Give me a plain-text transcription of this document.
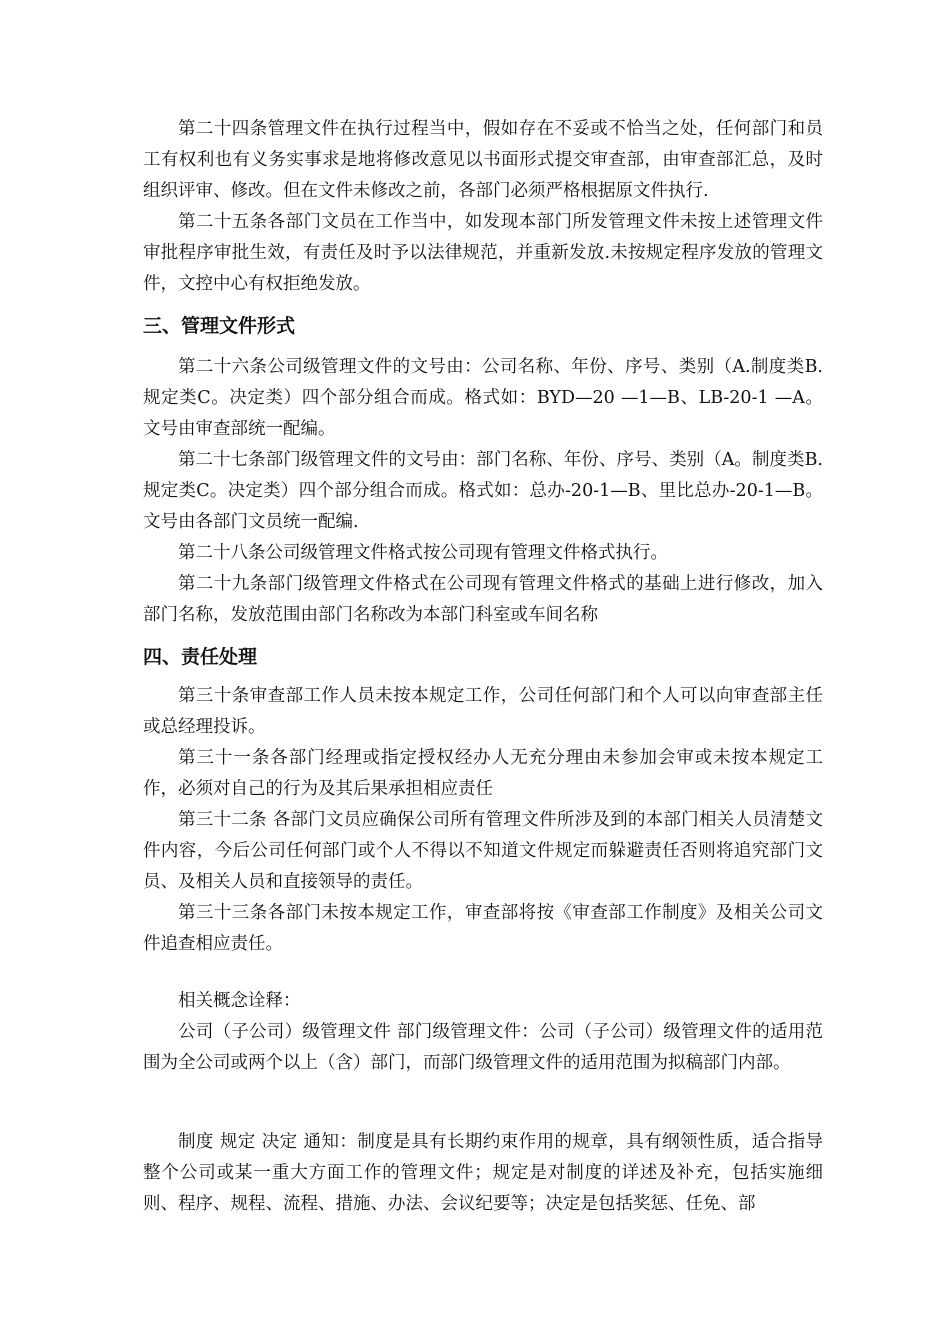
第二十四条管理文件在执行过程当中，假如存在不妥或不恰当之处，任何部门和员工有权利也有义务实事求是地将修改意见以书面形式提交审查部，由审查部汇总，及时组织评审、修改。但在文件未修改之前，各部门必须严格根据原文件执行.

第二十五条各部门文员在工作当中，如发现本部门所发管理文件未按上述管理文件审批程序审批生效，有责任及时予以法律规范，并重新发放.未按规定程序发放的管理文件，文控中心有权拒绝发放。

三、管理文件形式

第二十六条公司级管理文件的文号由：公司名称、年份、序号、类别（A.制度类B.规定类C。决定类）四个部分组合而成。格式如：BYD—20 —1—B、LB-20-1 —A。文号由审查部统一配编。

第二十七条部门级管理文件的文号由：部门名称、年份、序号、类别（A。制度类B.规定类C。决定类）四个部分组合而成。格式如：总办-20-1—B、里比总办-20-1—B。文号由各部门文员统一配编.

第二十八条公司级管理文件格式按公司现有管理文件格式执行。

第二十九条部门级管理文件格式在公司现有管理文件格式的基础上进行修改，加入部门名称，发放范围由部门名称改为本部门科室或车间名称

四、责任处理

第三十条审查部工作人员未按本规定工作，公司任何部门和个人可以向审查部主任或总经理投诉。

第三十一条各部门经理或指定授权经办人无充分理由未参加会审或未按本规定工作，必须对自己的行为及其后果承担相应责任

第三十二条 各部门文员应确保公司所有管理文件所涉及到的本部门相关人员清楚文件内容，今后公司任何部门或个人不得以不知道文件规定而躲避责任否则将追究部门文员、及相关人员和直接领导的责任。

第三十三条各部门未按本规定工作，审查部将按《审查部工作制度》及相关公司文件追查相应责任。

相关概念诠释：

公司（子公司）级管理文件 部门级管理文件：公司（子公司）级管理文件的适用范围为全公司或两个以上（含）部门，而部门级管理文件的适用范围为拟稿部门内部。

制度 规定 决定 通知：制度是具有长期约束作用的规章，具有纲领性质，适合指导整个公司或某一重大方面工作的管理文件；规定是对制度的详述及补充，包括实施细则、程序、规程、流程、措施、办法、会议纪要等；决定是包括奖惩、任免、部
